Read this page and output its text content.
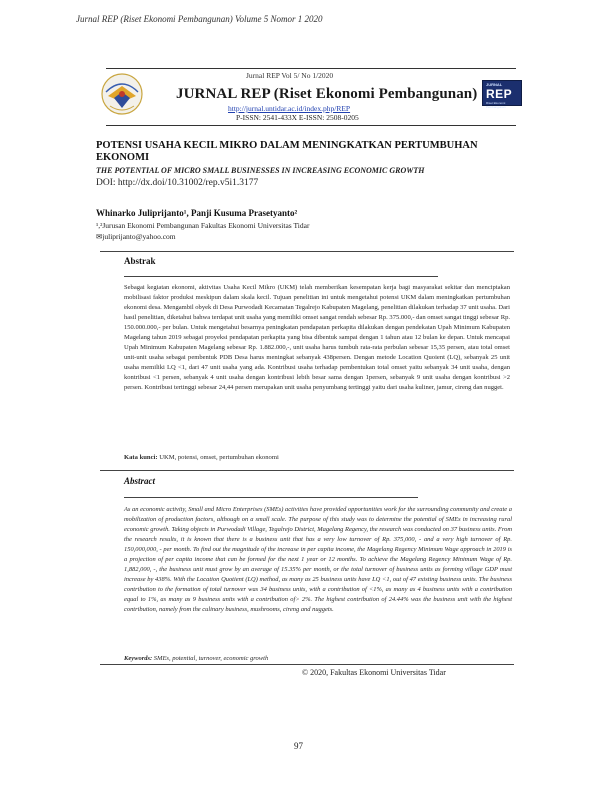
Jurnal REP (Riset Ekonomi Pembangunan) Volume 5 Nomor 1 2020
Jurnal REP Vol 5/ No 1/2020
JURNAL REP (Riset Ekonomi Pembangunan)
http://jurnal.untidar.ac.id/index.php/REP
P-ISSN: 2541-433X E-ISSN: 2508-0205
JURNAL
REP
Riset Ekonomi Pembangunan
POTENSI USAHA KECIL MIKRO DALAM MENINGKATKAN PERTUMBUHAN EKONOMI
THE POTENTIAL OF MICRO SMALL BUSINESSES IN INCREASING ECONOMIC GROWTH
DOI: http://dx.doi/10.31002/rep.v5i1.3177
Whinarko Juliprijanto¹, Panji Kusuma Prasetyanto²
¹,²Jurusan Ekonomi Pembangunan Fakultas Ekonomi Universitas Tidar
✉juliprijanto@yahoo.com
Abstrak
Sebagai kegiatan ekonomi, aktivitas Usaha Kecil Mikro (UKM) telah memberikan kesempatan kerja bagi masyarakat sekitar dan menciptakan mobilisasi faktor produksi meskipun dalam skala kecil. Tujuan penelitian ini untuk mengetahui potensi UKM dalam meningkatkan pertumbuhan ekonomi desa. Mengambil obyek di Desa Purwodadi Kecamatan Tegalrejo Kabupaten Magelang, penelitian dilakukan terhadap 37 unit usaha. Dari hasil penelitian, diketahui bahwa terdapat unit usaha yang memiliki omset sangat rendah sebesar Rp. 375.000,- dan omset sangat tinggi sebesar Rp. 150.000.000,- per bulan. Untuk mengetahui besarnya peningkatan pendapatan perkapita dilakukan dengan pendekatan Upah Minimum Kabupaten Magelang tahun 2019 sebagai proyeksi pendapatan perkapita yang bisa dibentuk sampai dengan 1 tahun atau 12 bulan ke depan. Untuk mencapai Upah Minimum Kabupaten Magelang sebesar Rp. 1.882.000,-, unit usaha harus tumbuh rata-rata perbulan sebesar 15,35 persen, atau total omset unit-unit usaha sebagai pembentuk PDB Desa harus meningkat sebanyak 438persen. Dengan metode Location Quoient (LQ), sebanyak 25 unit usaha memiliki LQ <1, dari 47 unit usaha yang ada. Kontribusi usaha terhadap pembentukan total omset yaitu sebanyak 34 unit usaha, dengan kontribusi <1 persen, sebanyak 4 unit usaha dengan kontribusi lebih besar sama dengan 1persen, sebanyak 9 unit usaha dengan kontribusi >2 persen. Kontribusi tertinggi sebesar 24,44 persen merupakan unit usaha penyumbang tertinggi yaitu dari usaha kuliner, jamur, cireng dan nugget.
Kata kunci: UKM, potensi, omset, pertumbuhan ekonomi
Abstract
As an economic activity, Small and Micro Enterprises (SMEs) activities have provided opportunities work for the surrounding community and create a mobilization of production factors, although on a small scale. The purpose of this study was to determine the potential of SMEs in increasing rural economic growth. Taking objects in Purwodadi Village, Tegalrejo District, Magelang Regency, the research was conducted on 37 business units. From the research results, it is known that there is a business unit that has a very low turnover of Rp. 375,000, - and a very high turnover of Rp. 150,000,000, - per month. To find out the magnitude of the increase in per capita income, the Magelang Regency Minimum Wage approach in 2019 is a projection of per capita income that can be formed for the next 1 year or 12 months. To achieve the Magelang Regency Minimum Wage of Rp. 1,882,000, -, the business unit must grow by an average of 15.35% per month, or the total turnover of business units as forming village GDP must increase by 438%. With the Location Quotient (LQ) method, as many as 25 business units have LQ <1, out of 47 existing business units. The business contribution to the formation of total turnover was 34 business units, with a contribution of <1%, as many as 4 business units with a contribution equal to 1%, as many as 9 business units with a contribution of> 2%. The highest contribution of 24.44% was the business unit with the highest contribution, namely from the culinary business, mushrooms, cireng and nuggets.
Keywords: SMEs, potential, turnover, economic growth
© 2020, Fakultas Ekonomi Universitas Tidar
97
